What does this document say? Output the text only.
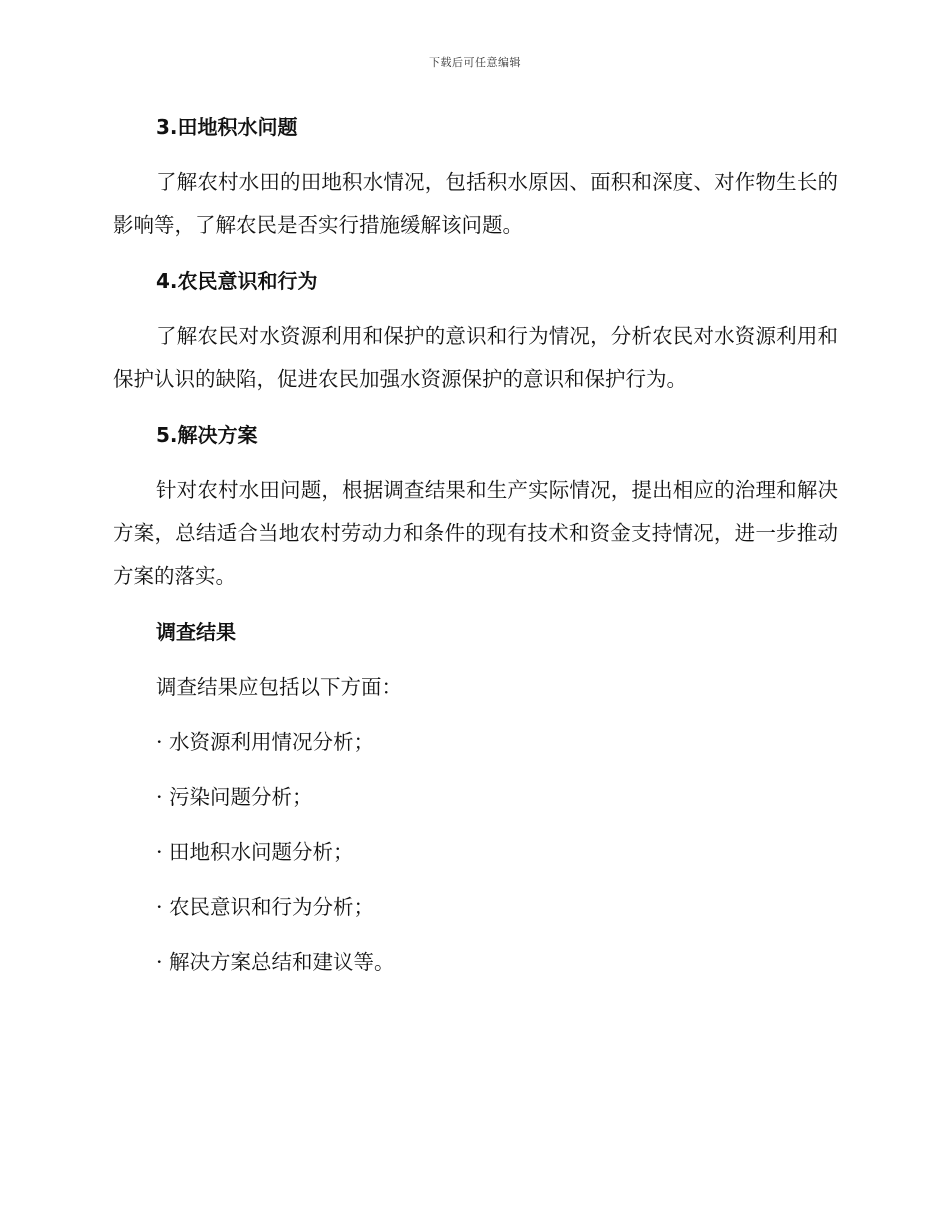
下载后可任意编辑
3.田地积水问题

了解农村水田的田地积水情况，包括积水原因、面积和深度、对作物生长的影响等，了解农民是否实行措施缓解该问题。

4.农民意识和行为

了解农民对水资源利用和保护的意识和行为情况，分析农民对水资源利用和保护认识的缺陷，促进农民加强水资源保护的意识和保护行为。

5.解决方案

针对农村水田问题，根据调查结果和生产实际情况，提出相应的治理和解决方案，总结适合当地农村劳动力和条件的现有技术和资金支持情况，进一步推动方案的落实。

调查结果
调查结果应包括以下方面：
· 水资源利用情况分析；
· 污染问题分析；
· 田地积水问题分析；
· 农民意识和行为分析；
· 解决方案总结和建议等。
